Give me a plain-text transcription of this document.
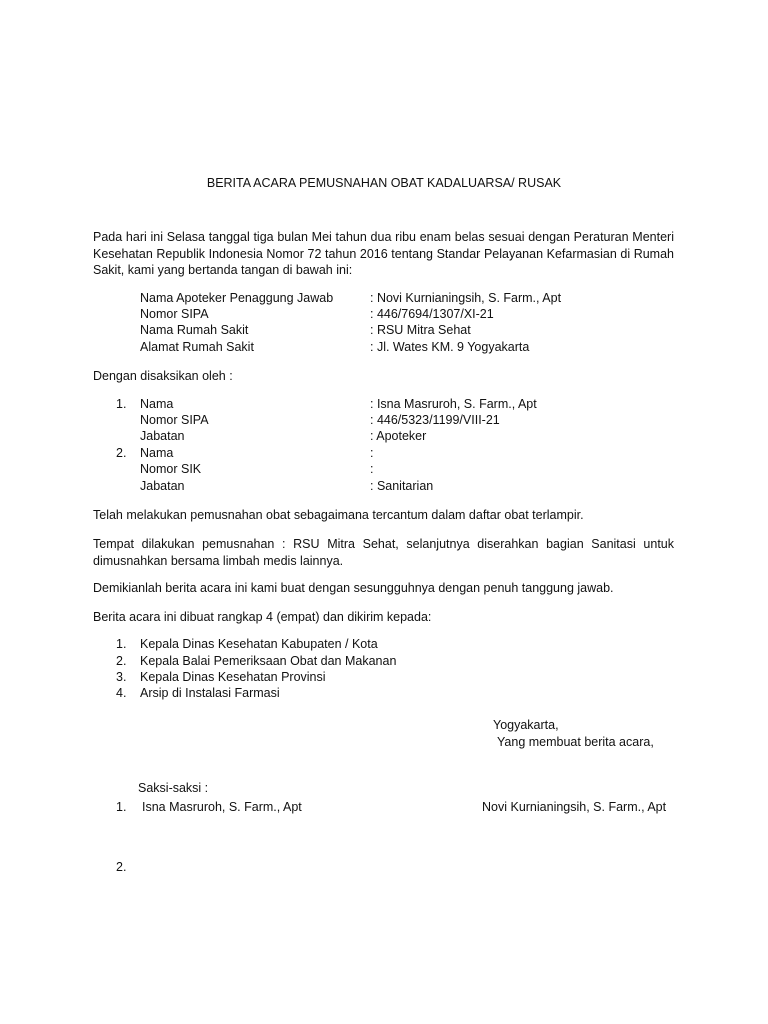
BERITA ACARA PEMUSNAHAN OBAT KADALUARSA/ RUSAK
Pada hari ini Selasa tanggal tiga bulan Mei tahun dua ribu enam belas sesuai dengan Peraturan Menteri Kesehatan Republik Indonesia Nomor 72 tahun 2016 tentang Standar Pelayanan Kefarmasian di Rumah Sakit, kami yang bertanda tangan di bawah ini:
Nama Apoteker Penaggung Jawab	: Novi Kurnianingsih, S. Farm., Apt
Nomor SIPA	: 446/7694/1307/XI-21
Nama Rumah Sakit	: RSU Mitra Sehat
Alamat Rumah Sakit	: Jl. Wates KM. 9 Yogyakarta
Dengan disaksikan oleh :
1. Nama	: Isna Masruroh, S. Farm., Apt
Nomor SIPA	: 446/5323/1199/VIII-21
Jabatan	: Apoteker
2. Nama	:
Nomor SIK	:
Jabatan	: Sanitarian
Telah melakukan pemusnahan obat sebagaimana tercantum dalam daftar obat terlampir.
Tempat dilakukan pemusnahan : RSU Mitra Sehat, selanjutnya diserahkan bagian Sanitasi untuk dimusnahkan bersama limbah medis lainnya.
Demikianlah berita acara ini kami buat dengan sesungguhnya dengan penuh tanggung jawab.
Berita acara ini dibuat rangkap 4 (empat) dan dikirim kepada:
1. Kepala Dinas Kesehatan Kabupaten / Kota
2. Kepala Balai Pemeriksaan Obat dan Makanan
3. Kepala Dinas Kesehatan Provinsi
4. Arsip di Instalasi Farmasi
Yogyakarta,
Yang membuat berita acara,
Saksi-saksi :
1. Isna Masruroh, S. Farm., Apt	Novi Kurnianingsih, S. Farm., Apt
2.
